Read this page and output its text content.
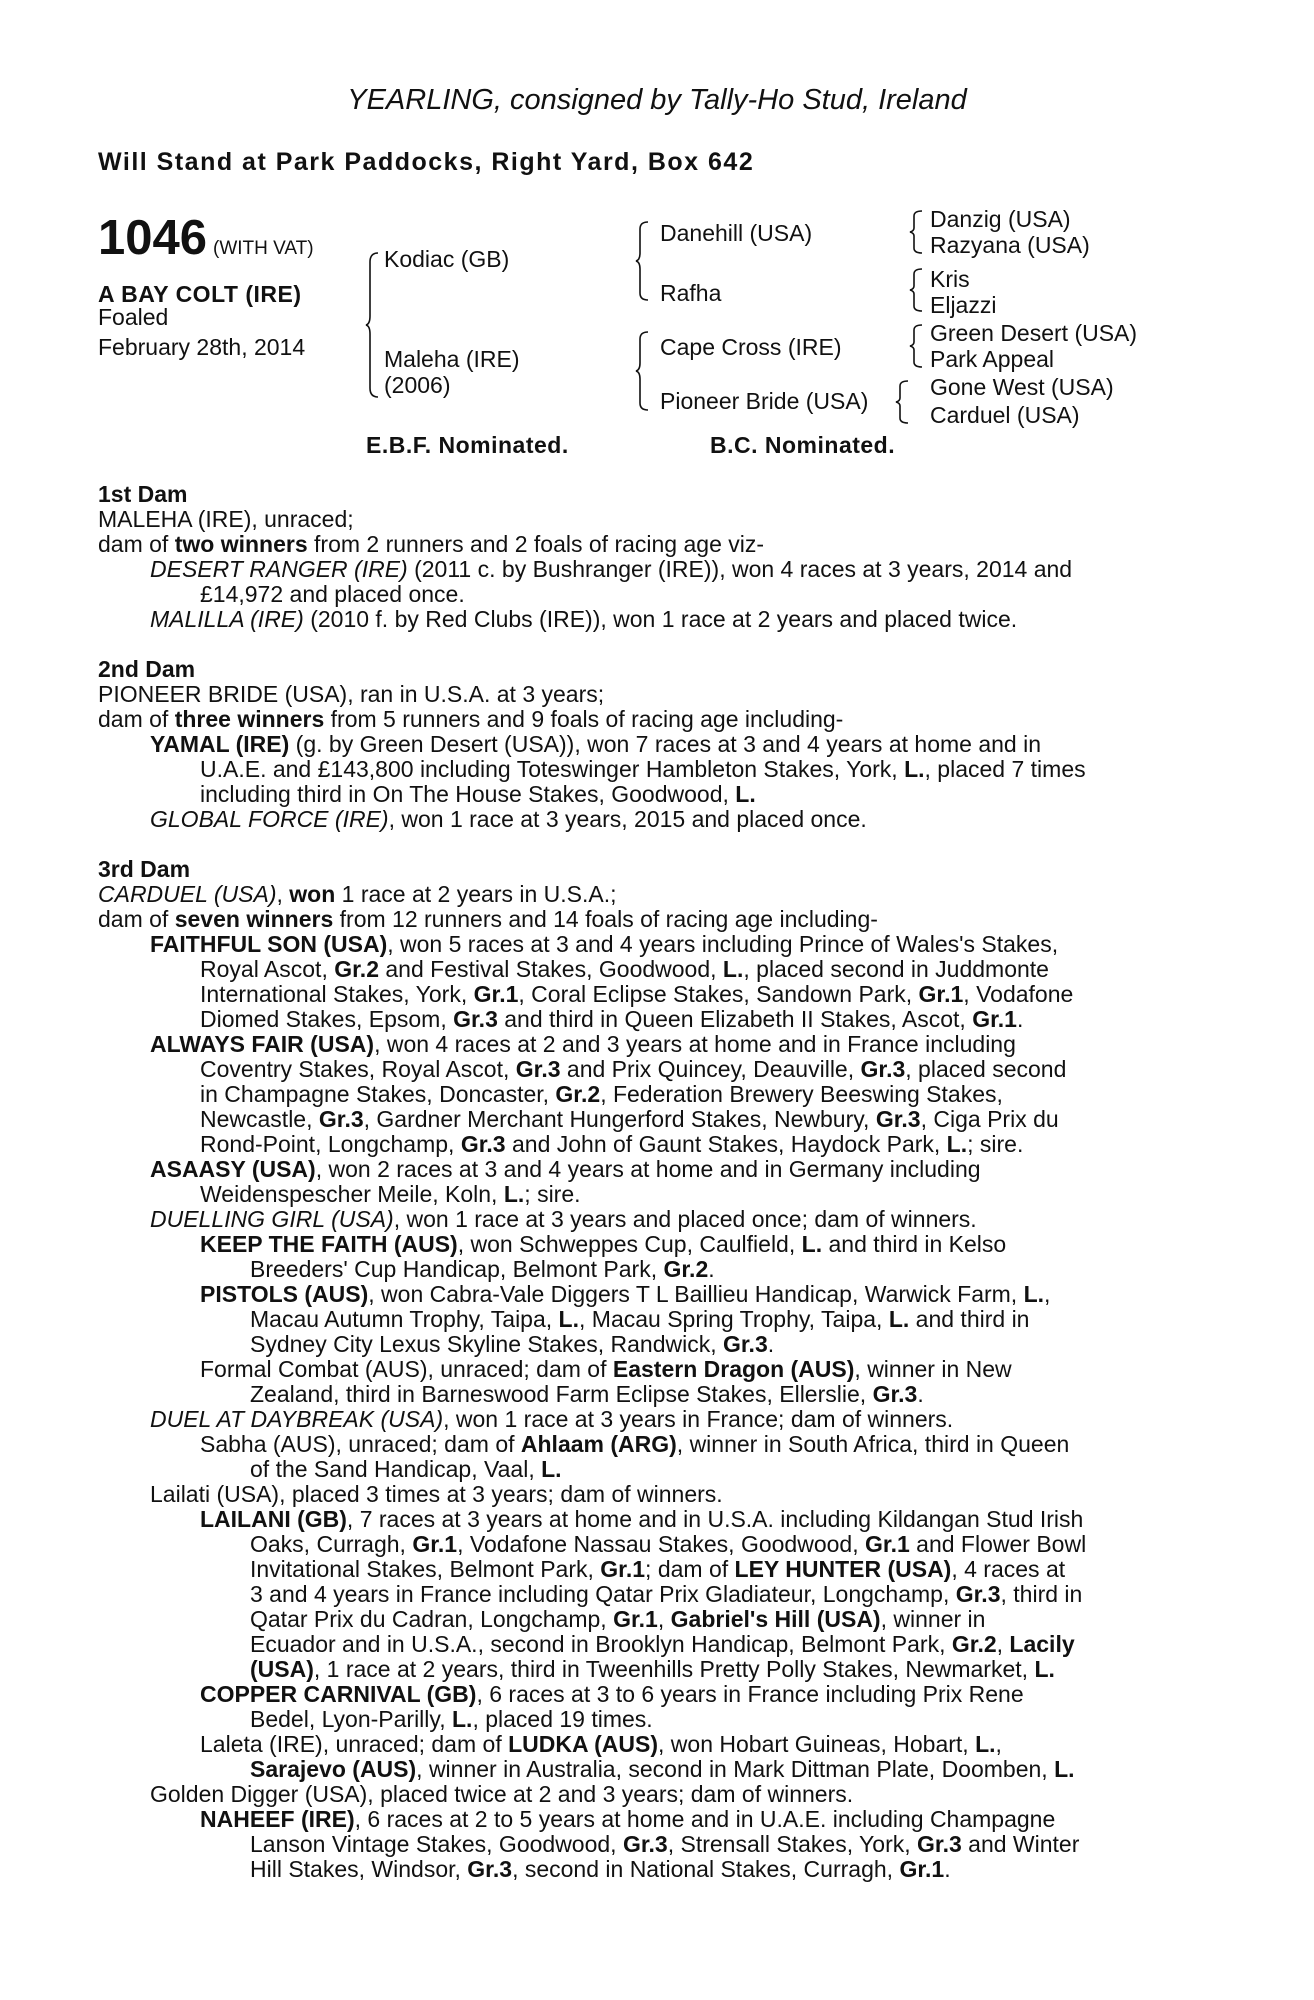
YEARLING, consigned by Tally-Ho Stud, Ireland
Will Stand at Park Paddocks, Right Yard, Box 642
1046 (WITH VAT)
A BAY COLT (IRE)
Foaled
February 28th, 2014
Kodiac (GB)
Maleha (IRE)
(2006)
Danehill (USA)
Rafha
Cape Cross (IRE)
Pioneer Bride (USA)
Danzig (USA)
Razyana (USA)
Kris
Eljazzi
Green Desert (USA)
Park Appeal
Gone West (USA)
Carduel (USA)
E.B.F. Nominated.	B.C. Nominated.

1st Dam

MALEHA (IRE), unraced;

dam of two winners from 2 runners and 2 foals of racing age viz-

DESERT RANGER (IRE) (2011 c. by Bushranger (IRE)), won 4 races at 3 years, 2014 and

£14,972 and placed once.

MALILLA (IRE) (2010 f. by Red Clubs (IRE)), won 1 race at 2 years and placed twice.

2nd Dam

PIONEER BRIDE (USA), ran in U.S.A. at 3 years;

dam of three winners from 5 runners and 9 foals of racing age including-

YAMAL (IRE) (g. by Green Desert (USA)), won 7 races at 3 and 4 years at home and in

U.A.E. and £143,800 including Toteswinger Hambleton Stakes, York, L., placed 7 times

including third in On The House Stakes, Goodwood, L.

GLOBAL FORCE (IRE), won 1 race at 3 years, 2015 and placed once.

3rd Dam

CARDUEL (USA), won 1 race at 2 years in U.S.A.;

dam of seven winners from 12 runners and 14 foals of racing age including-

FAITHFUL SON (USA), won 5 races at 3 and 4 years including Prince of Wales's Stakes,

Royal Ascot, Gr.2 and Festival Stakes, Goodwood, L., placed second in Juddmonte

International Stakes, York, Gr.1, Coral Eclipse Stakes, Sandown Park, Gr.1, Vodafone

Diomed Stakes, Epsom, Gr.3 and third in Queen Elizabeth II Stakes, Ascot, Gr.1.

ALWAYS FAIR (USA), won 4 races at 2 and 3 years at home and in France including

Coventry Stakes, Royal Ascot, Gr.3 and Prix Quincey, Deauville, Gr.3, placed second

in Champagne Stakes, Doncaster, Gr.2, Federation Brewery Beeswing Stakes,

Newcastle, Gr.3, Gardner Merchant Hungerford Stakes, Newbury, Gr.3, Ciga Prix du

Rond-Point, Longchamp, Gr.3 and John of Gaunt Stakes, Haydock Park, L.; sire.

ASAASY (USA), won 2 races at 3 and 4 years at home and in Germany including

Weidenspescher Meile, Koln, L.; sire.

DUELLING GIRL (USA), won 1 race at 3 years and placed once; dam of winners.

KEEP THE FAITH (AUS), won Schweppes Cup, Caulfield, L. and third in Kelso

Breeders' Cup Handicap, Belmont Park, Gr.2.

PISTOLS (AUS), won Cabra-Vale Diggers T L Baillieu Handicap, Warwick Farm, L.,

Macau Autumn Trophy, Taipa, L., Macau Spring Trophy, Taipa, L. and third in

Sydney City Lexus Skyline Stakes, Randwick, Gr.3.

Formal Combat (AUS), unraced; dam of Eastern Dragon (AUS), winner in New

Zealand, third in Barneswood Farm Eclipse Stakes, Ellerslie, Gr.3.

DUEL AT DAYBREAK (USA), won 1 race at 3 years in France; dam of winners.

Sabha (AUS), unraced; dam of Ahlaam (ARG), winner in South Africa, third in Queen

of the Sand Handicap, Vaal, L.

Lailati (USA), placed 3 times at 3 years; dam of winners.

LAILANI (GB), 7 races at 3 years at home and in U.S.A. including Kildangan Stud Irish

Oaks, Curragh, Gr.1, Vodafone Nassau Stakes, Goodwood, Gr.1 and Flower Bowl

Invitational Stakes, Belmont Park, Gr.1; dam of LEY HUNTER (USA), 4 races at

3 and 4 years in France including Qatar Prix Gladiateur, Longchamp, Gr.3, third in

Qatar Prix du Cadran, Longchamp, Gr.1, Gabriel's Hill (USA), winner in

Ecuador and in U.S.A., second in Brooklyn Handicap, Belmont Park, Gr.2, Lacily

(USA), 1 race at 2 years, third in Tweenhills Pretty Polly Stakes, Newmarket, L.

COPPER CARNIVAL (GB), 6 races at 3 to 6 years in France including Prix Rene

Bedel, Lyon-Parilly, L., placed 19 times.

Laleta (IRE), unraced; dam of LUDKA (AUS), won Hobart Guineas, Hobart, L.,

Sarajevo (AUS), winner in Australia, second in Mark Dittman Plate, Doomben, L.

Golden Digger (USA), placed twice at 2 and 3 years; dam of winners.

NAHEEF (IRE), 6 races at 2 to 5 years at home and in U.A.E. including Champagne

Lanson Vintage Stakes, Goodwood, Gr.3, Strensall Stakes, York, Gr.3 and Winter

Hill Stakes, Windsor, Gr.3, second in National Stakes, Curragh, Gr.1.
